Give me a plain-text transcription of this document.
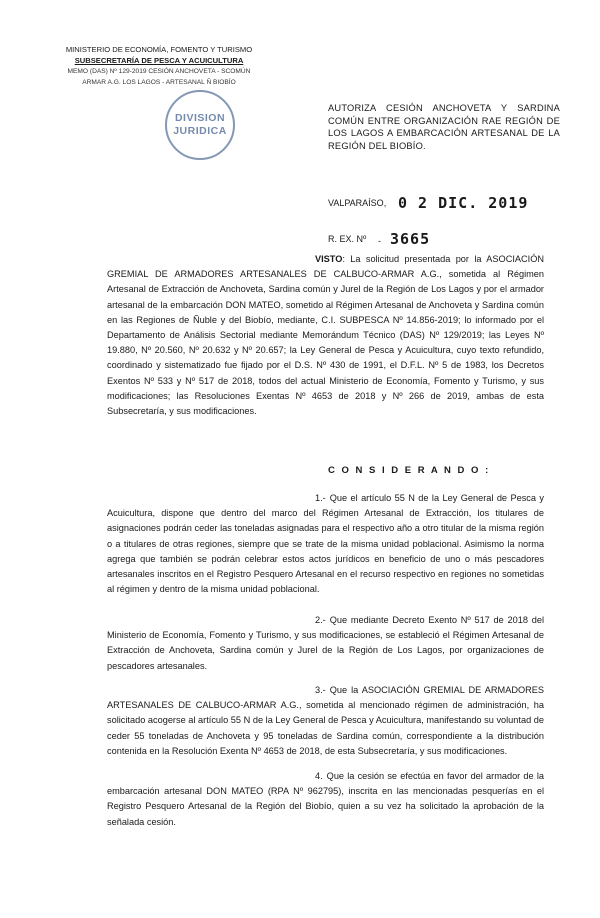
MINISTERIO DE ECONOMÍA, FOMENTO Y TURISMO
SUBSECRETARÍA DE PESCA Y ACUICULTURA
MEMO (DAS) Nº 129-2019 CESIÓN ANCHOVETA - SCOMÚN
ARMAR A.G. LOS LAGOS - ARTESANAL Ñ BIOBÍO
DIVISION
JURIDICA
AUTORIZA CESIÓN ANCHOVETA Y SARDINA COMÚN ENTRE ORGANIZACIÓN RAE REGIÓN DE LOS LAGOS A EMBARCACIÓN ARTESANAL DE LA REGIÓN DEL BIOBÍO.
VALPARAÍSO, 0 2 DIC. 2019
R. EX. Nº - 3665
VISTO: La solicitud presentada por la ASOCIACIÓN GREMIAL DE ARMADORES ARTESANALES DE CALBUCO-ARMAR A.G., sometida al Régimen Artesanal de Extracción de Anchoveta, Sardina común y Jurel de la Región de Los Lagos y por el armador artesanal de la embarcación DON MATEO, sometido al Régimen Artesanal de Anchoveta y Sardina común en las Regiones de Ñuble y del Biobío, mediante, C.I. SUBPESCA Nº 14.856-2019; lo informado por el Departamento de Análisis Sectorial mediante Memorándum Técnico (DAS) Nº 129/2019; las Leyes Nº 19.880, Nº 20.560, Nº 20.632 y Nº 20.657; la Ley General de Pesca y Acuicultura, cuyo texto refundido, coordinado y sistematizado fue fijado por el D.S. Nº 430 de 1991, el D.F.L. Nº 5 de 1983, los Decretos Exentos Nº 533 y Nº 517 de 2018, todos del actual Ministerio de Economía, Fomento y Turismo, y sus modificaciones; las Resoluciones Exentas Nº 4653 de 2018 y Nº 266 de 2019, ambas de esta Subsecretaría, y sus modificaciones.
C O N S I D E R A N D O :
1.- Que el artículo 55 N de la Ley General de Pesca y Acuicultura, dispone que dentro del marco del Régimen Artesanal de Extracción, los titulares de asignaciones podrán ceder las toneladas asignadas para el respectivo año a otro titular de la misma región o a titulares de otras regiones, siempre que se trate de la misma unidad poblacional. Asimismo la norma agrega que también se podrán celebrar estos actos jurídicos en beneficio de uno o más pescadores artesanales inscritos en el Registro Pesquero Artesanal en el recurso respectivo en regiones no sometidas al régimen y dentro de la misma unidad poblacional.
2.- Que mediante Decreto Exento Nº 517 de 2018 del Ministerio de Economía, Fomento y Turismo, y sus modificaciones, se estableció el Régimen Artesanal de Extracción de Anchoveta, Sardina común y Jurel de la Región de Los Lagos, por organizaciones de pescadores artesanales.
3.- Que la ASOCIACIÓN GREMIAL DE ARMADORES ARTESANALES DE CALBUCO-ARMAR A.G., sometida al mencionado régimen de administración, ha solicitado acogerse al artículo 55 N de la Ley General de Pesca y Acuicultura, manifestando su voluntad de ceder 55 toneladas de Anchoveta y 95 toneladas de Sardina común, correspondiente a la distribución contenida en la Resolución Exenta Nº 4653 de 2018, de esta Subsecretaría, y sus modificaciones.
4. Que la cesión se efectúa en favor del armador de la embarcación artesanal DON MATEO (RPA Nº 962795), inscrita en las mencionadas pesquerías en el Registro Pesquero Artesanal de la Región del Biobío, quien a su vez ha solicitado la aprobación de la señalada cesión.
